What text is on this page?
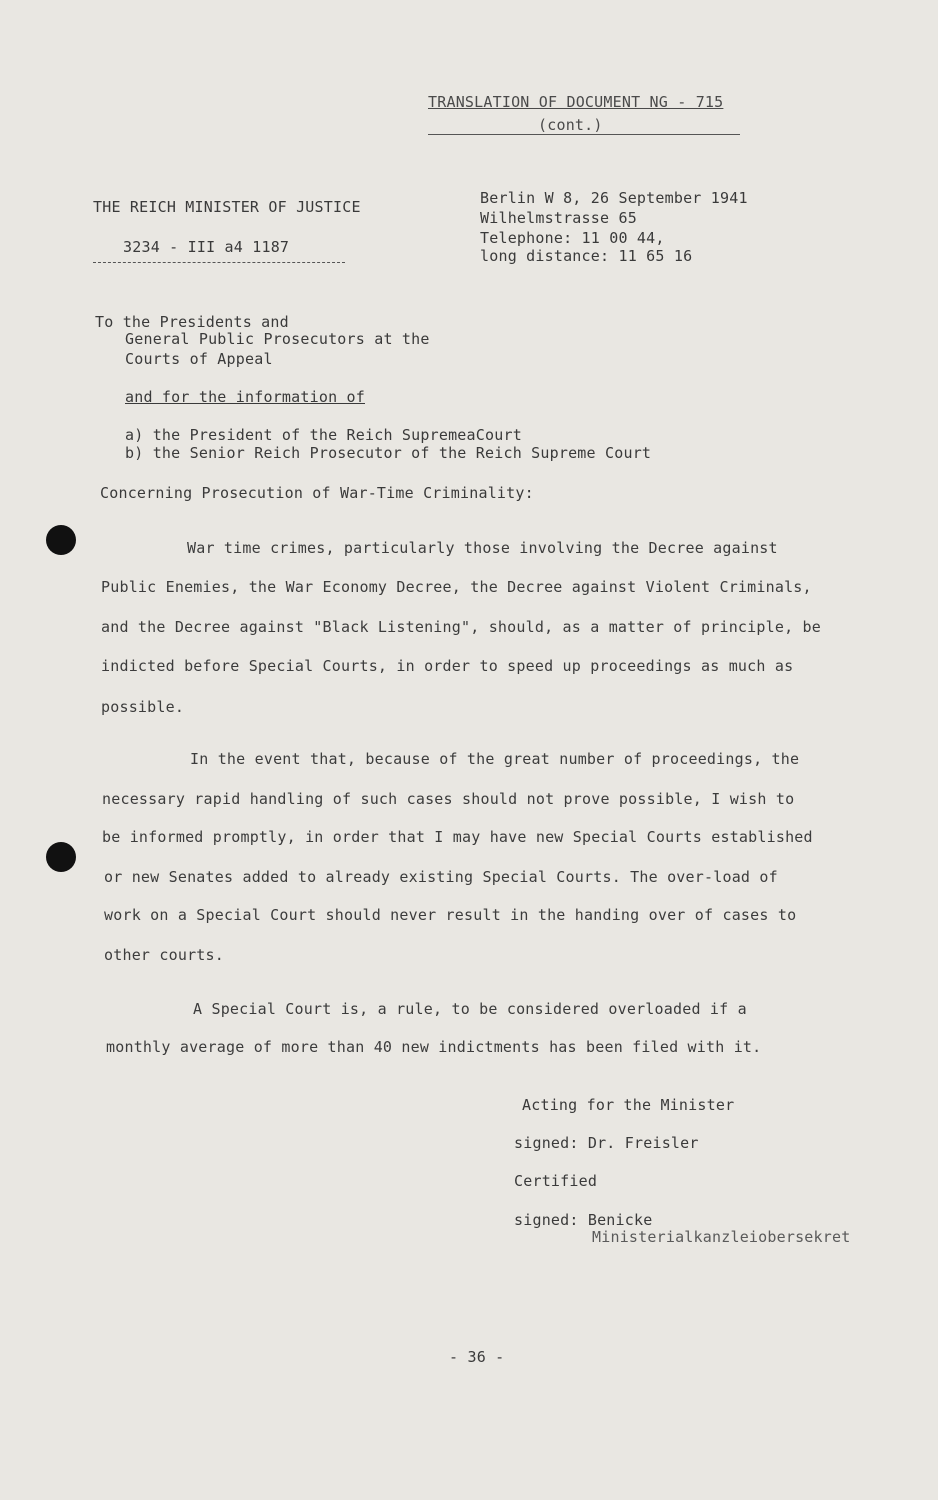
TRANSLATION OF DOCUMENT NG - 715
(cont.)
THE REICH MINISTER OF JUSTICE
3234 - III a4 1187
Berlin W 8, 26 September 1941
Wilhelmstrasse 65
Telephone: 11 00 44,
long distance: 11 65 16
To the Presidents and
General Public Prosecutors at the
Courts of Appeal
and for the information of
a) the President of the Reich SupremeaCourt
b) the Senior Reich Prosecutor of the Reich Supreme Court
Concerning Prosecution of War-Time Criminality:
War time crimes, particularly those involving the Decree against
Public Enemies, the War Economy Decree, the Decree against Violent Criminals,
and the Decree against "Black Listening", should, as a matter of principle, be
indicted before Special Courts, in order to speed up proceedings as much as
possible.
In the event that, because of the great number of proceedings, the
necessary rapid handling of such cases should not prove possible, I wish to
be informed promptly, in order that I may have new Special Courts established
or new Senates added to already existing Special Courts. The over-load of
work on a Special Court should never result in the handing over of cases to
other courts.
A Special Court is, a rule, to be considered overloaded if a
monthly average of more than 40 new indictments has been filed with it.
Acting for the Minister
signed: Dr. Freisler
Certified
signed: Benicke
Ministerialkanzleiobersekret
- 36 -
